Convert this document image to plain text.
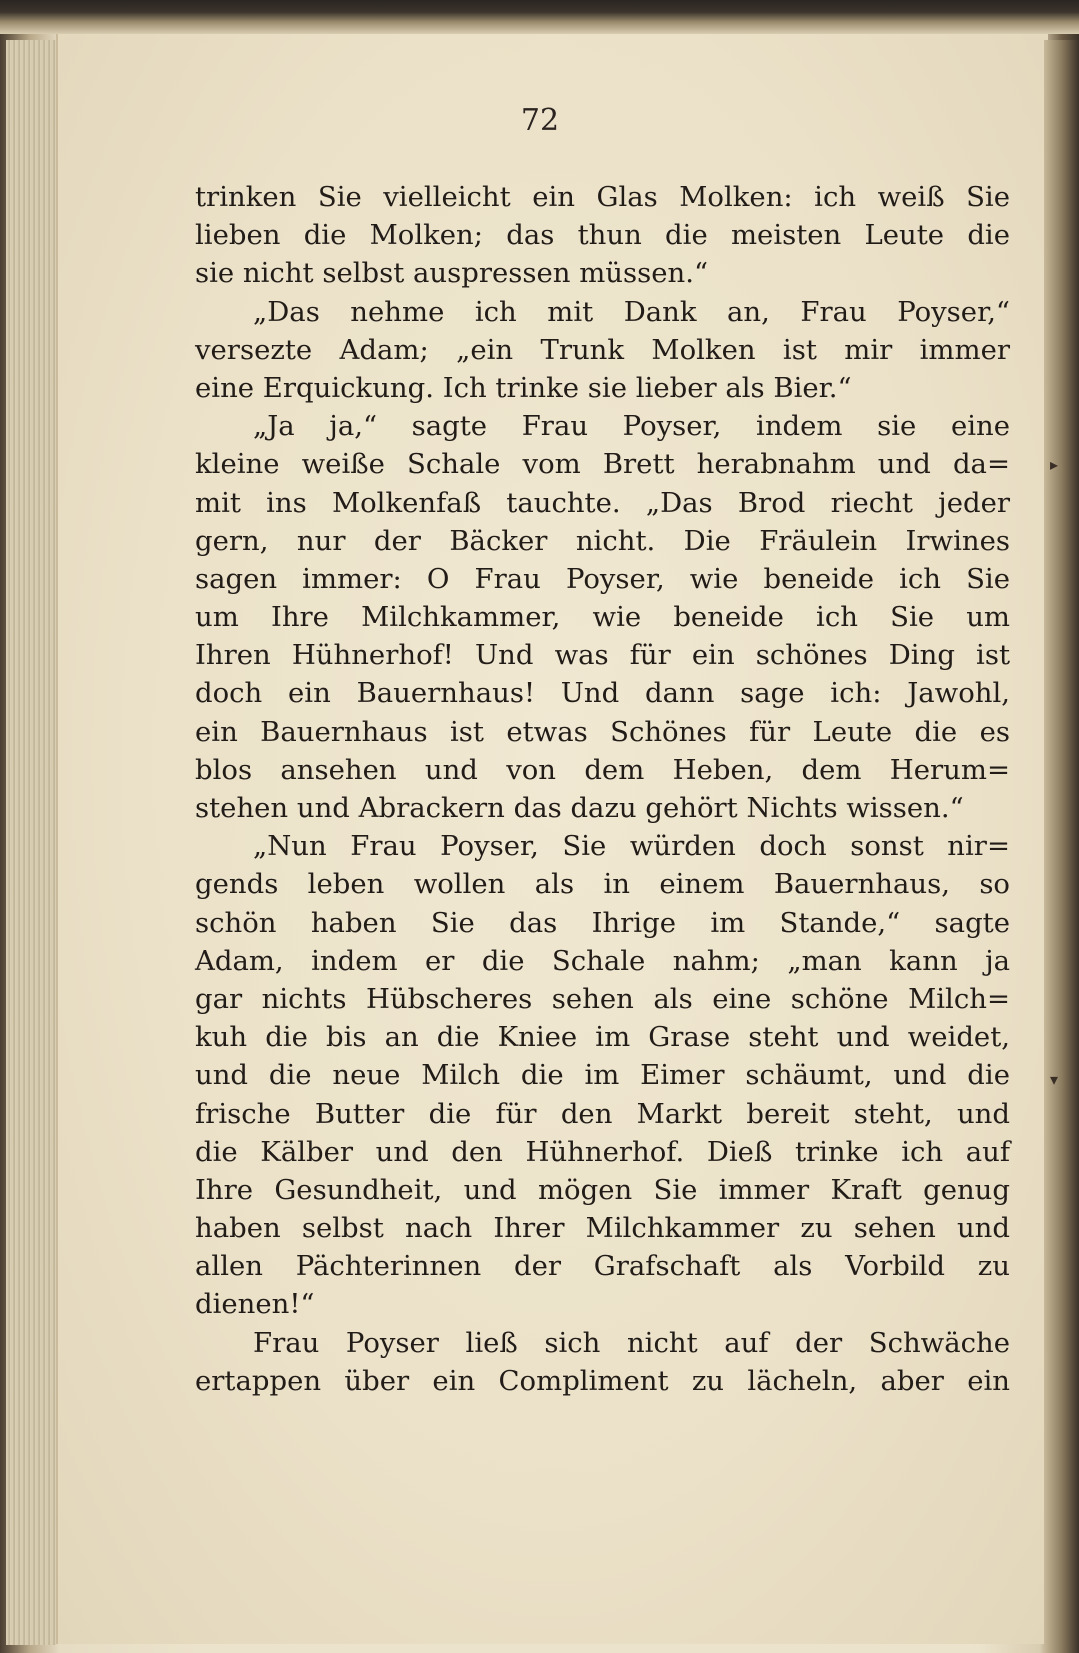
72
trinken Sie vielleicht ein Glas Molken: ich weiß Sie
lieben die Molken; das thun die meisten Leute die
sie nicht selbst auspressen müssen.“
„Das nehme ich mit Dank an, Frau Poyser,“
versezte Adam; „ein Trunk Molken ist mir immer
eine Erquickung. Ich trinke sie lieber als Bier.“
„Ja ja,“ sagte Frau Poyser, indem sie eine
kleine weiße Schale vom Brett herabnahm und da=
mit ins Molkenfaß tauchte. „Das Brod riecht jeder
gern, nur der Bäcker nicht. Die Fräulein Irwines
sagen immer: O Frau Poyser, wie beneide ich Sie
um Ihre Milchkammer, wie beneide ich Sie um
Ihren Hühnerhof! Und was für ein schönes Ding ist
doch ein Bauernhaus! Und dann sage ich: Jawohl,
ein Bauernhaus ist etwas Schönes für Leute die es
blos ansehen und von dem Heben, dem Herum=
stehen und Abrackern das dazu gehört Nichts wissen.“
„Nun Frau Poyser, Sie würden doch sonst nir=
gends leben wollen als in einem Bauernhaus, so
schön haben Sie das Ihrige im Stande,“ sagte
Adam, indem er die Schale nahm; „man kann ja
gar nichts Hübscheres sehen als eine schöne Milch=
kuh die bis an die Kniee im Grase steht und weidet,
und die neue Milch die im Eimer schäumt, und die
frische Butter die für den Markt bereit steht, und
die Kälber und den Hühnerhof. Dieß trinke ich auf
Ihre Gesundheit, und mögen Sie immer Kraft genug
haben selbst nach Ihrer Milchkammer zu sehen und
allen Pächterinnen der Grafschaft als Vorbild zu
dienen!“
Frau Poyser ließ sich nicht auf der Schwäche
ertappen über ein Compliment zu lächeln, aber ein
▸
▾
